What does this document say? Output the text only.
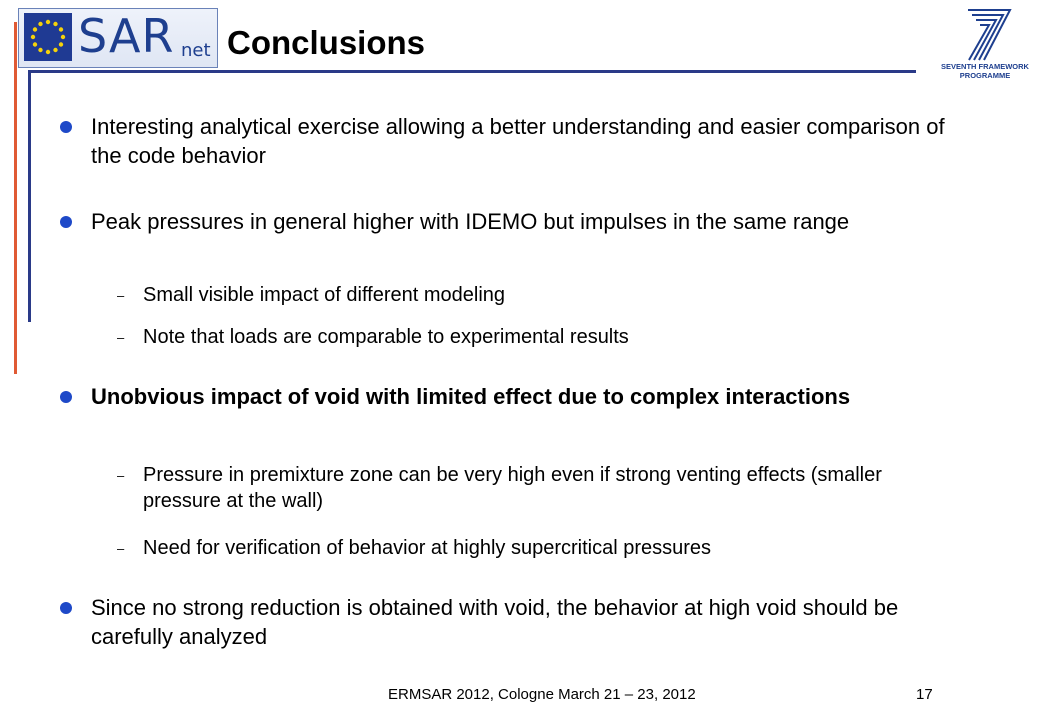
SAR net Conclusions
SEVENTH FRAMEWORK PROGRAMME
Interesting analytical exercise allowing a better understanding and easier comparison of the code behavior
Peak pressures in general higher with IDEMO but impulses in the same range
– Small visible impact of different modeling
– Note that loads are comparable to experimental results
Unobvious impact of void with limited effect due to complex interactions
– Pressure in premixture zone can be very high even if strong venting effects (smaller pressure at the wall)
– Need for verification of behavior at highly supercritical pressures
Since no strong reduction is obtained with void, the behavior at high void should be carefully analyzed
ERMSAR 2012, Cologne March 21 – 23, 2012	17
